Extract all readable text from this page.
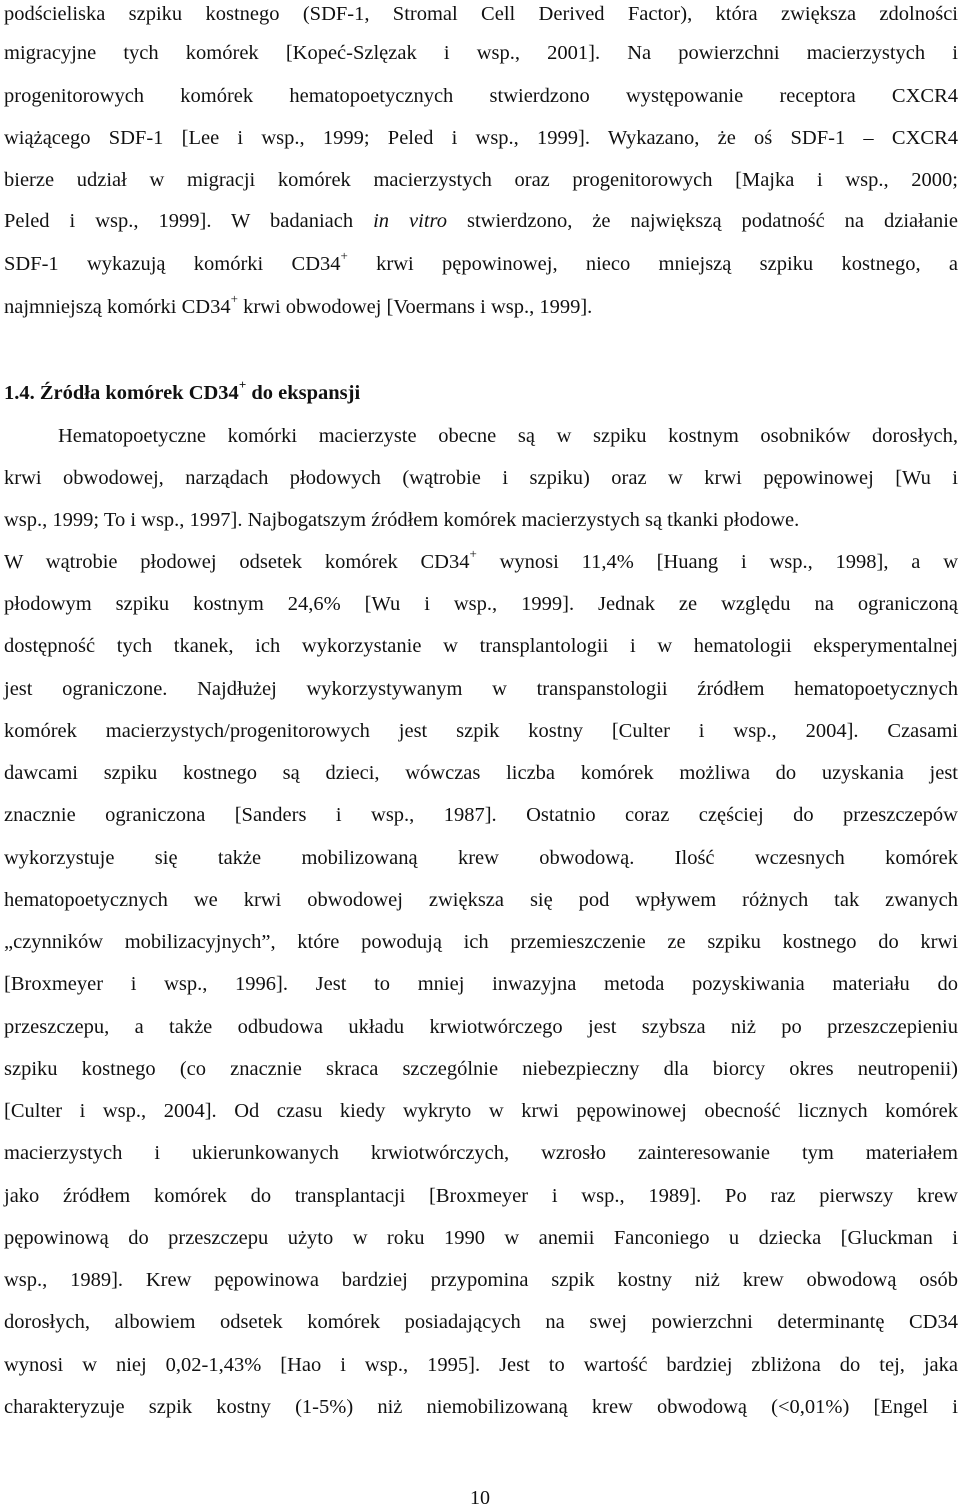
podścieliska szpiku kostnego (SDF-1, Stromal Cell Derived Factor), która zwiększa zdolności
migracyjne tych komórek [Kopeć-Szlęzak i wsp., 2001]. Na powierzchni macierzystych i
progenitorowych komórek hematopoetycznych stwierdzono występowanie receptora CXCR4
wiążącego SDF-1 [Lee i wsp., 1999; Peled i wsp., 1999]. Wykazano, że oś SDF-1 – CXCR4
bierze udział w migracji komórek macierzystych oraz progenitorowych [Majka i wsp., 2000;
Peled i wsp., 1999]. W badaniach in vitro stwierdzono, że największą podatność na działanie
SDF-1 wykazują komórki CD34+ krwi pępowinowej, nieco mniejszą szpiku kostnego, a
najmniejszą komórki CD34+ krwi obwodowej [Voermans i wsp., 1999].
1.4. Źródła komórek CD34+ do ekspansji
Hematopoetyczne komórki macierzyste obecne są w szpiku kostnym osobników dorosłych,
krwi obwodowej, narządach płodowych (wątrobie i szpiku) oraz w krwi pępowinowej [Wu i
wsp., 1999; To i wsp., 1997]. Najbogatszym źródłem komórek macierzystych są tkanki płodowe.
W wątrobie płodowej odsetek komórek CD34+ wynosi 11,4% [Huang i wsp., 1998], a w
płodowym szpiku kostnym 24,6% [Wu i wsp., 1999]. Jednak ze względu na ograniczoną
dostępność tych tkanek, ich wykorzystanie w transplantologii i w hematologii eksperymentalnej
jest ograniczone. Najdłużej wykorzystywanym w transpanstologii źródłem hematopoetycznych
komórek macierzystych/progenitorowych jest szpik kostny [Culter i wsp., 2004]. Czasami
dawcami szpiku kostnego są dzieci, wówczas liczba komórek możliwa do uzyskania jest
znacznie ograniczona [Sanders i wsp., 1987]. Ostatnio coraz częściej do przeszczepów
wykorzystuje się także mobilizowaną krew obwodową. Ilość wczesnych komórek
hematopoetycznych we krwi obwodowej zwiększa się pod wpływem różnych tak zwanych
„czynników mobilizacyjnych”, które powodują ich przemieszczenie ze szpiku kostnego do krwi
[Broxmeyer i wsp., 1996]. Jest to mniej inwazyjna metoda pozyskiwania materiału do
przeszczepu, a także odbudowa układu krwiotwórczego jest szybsza niż po przeszczepieniu
szpiku kostnego (co znacznie skraca szczególnie niebezpieczny dla biorcy okres neutropenii)
[Culter i wsp., 2004]. Od czasu kiedy wykryto w krwi pępowinowej obecność licznych komórek
macierzystych i ukierunkowanych krwiotwórczych, wzrosło zainteresowanie tym materiałem
jako źródłem komórek do transplantacji [Broxmeyer i wsp., 1989]. Po raz pierwszy krew
pępowinową do przeszczepu użyto w roku 1990 w anemii Fanconiego u dziecka [Gluckman i
wsp., 1989]. Krew pępowinowa bardziej przypomina szpik kostny niż krew obwodową osób
dorosłych, albowiem odsetek komórek posiadających na swej powierzchni determinantę CD34
wynosi w niej 0,02-1,43% [Hao i wsp., 1995]. Jest to wartość bardziej zbliżona do tej, jaka
charakteryzuje szpik kostny (1-5%) niż niemobilizowaną krew obwodową (<0,01%) [Engel i
10
